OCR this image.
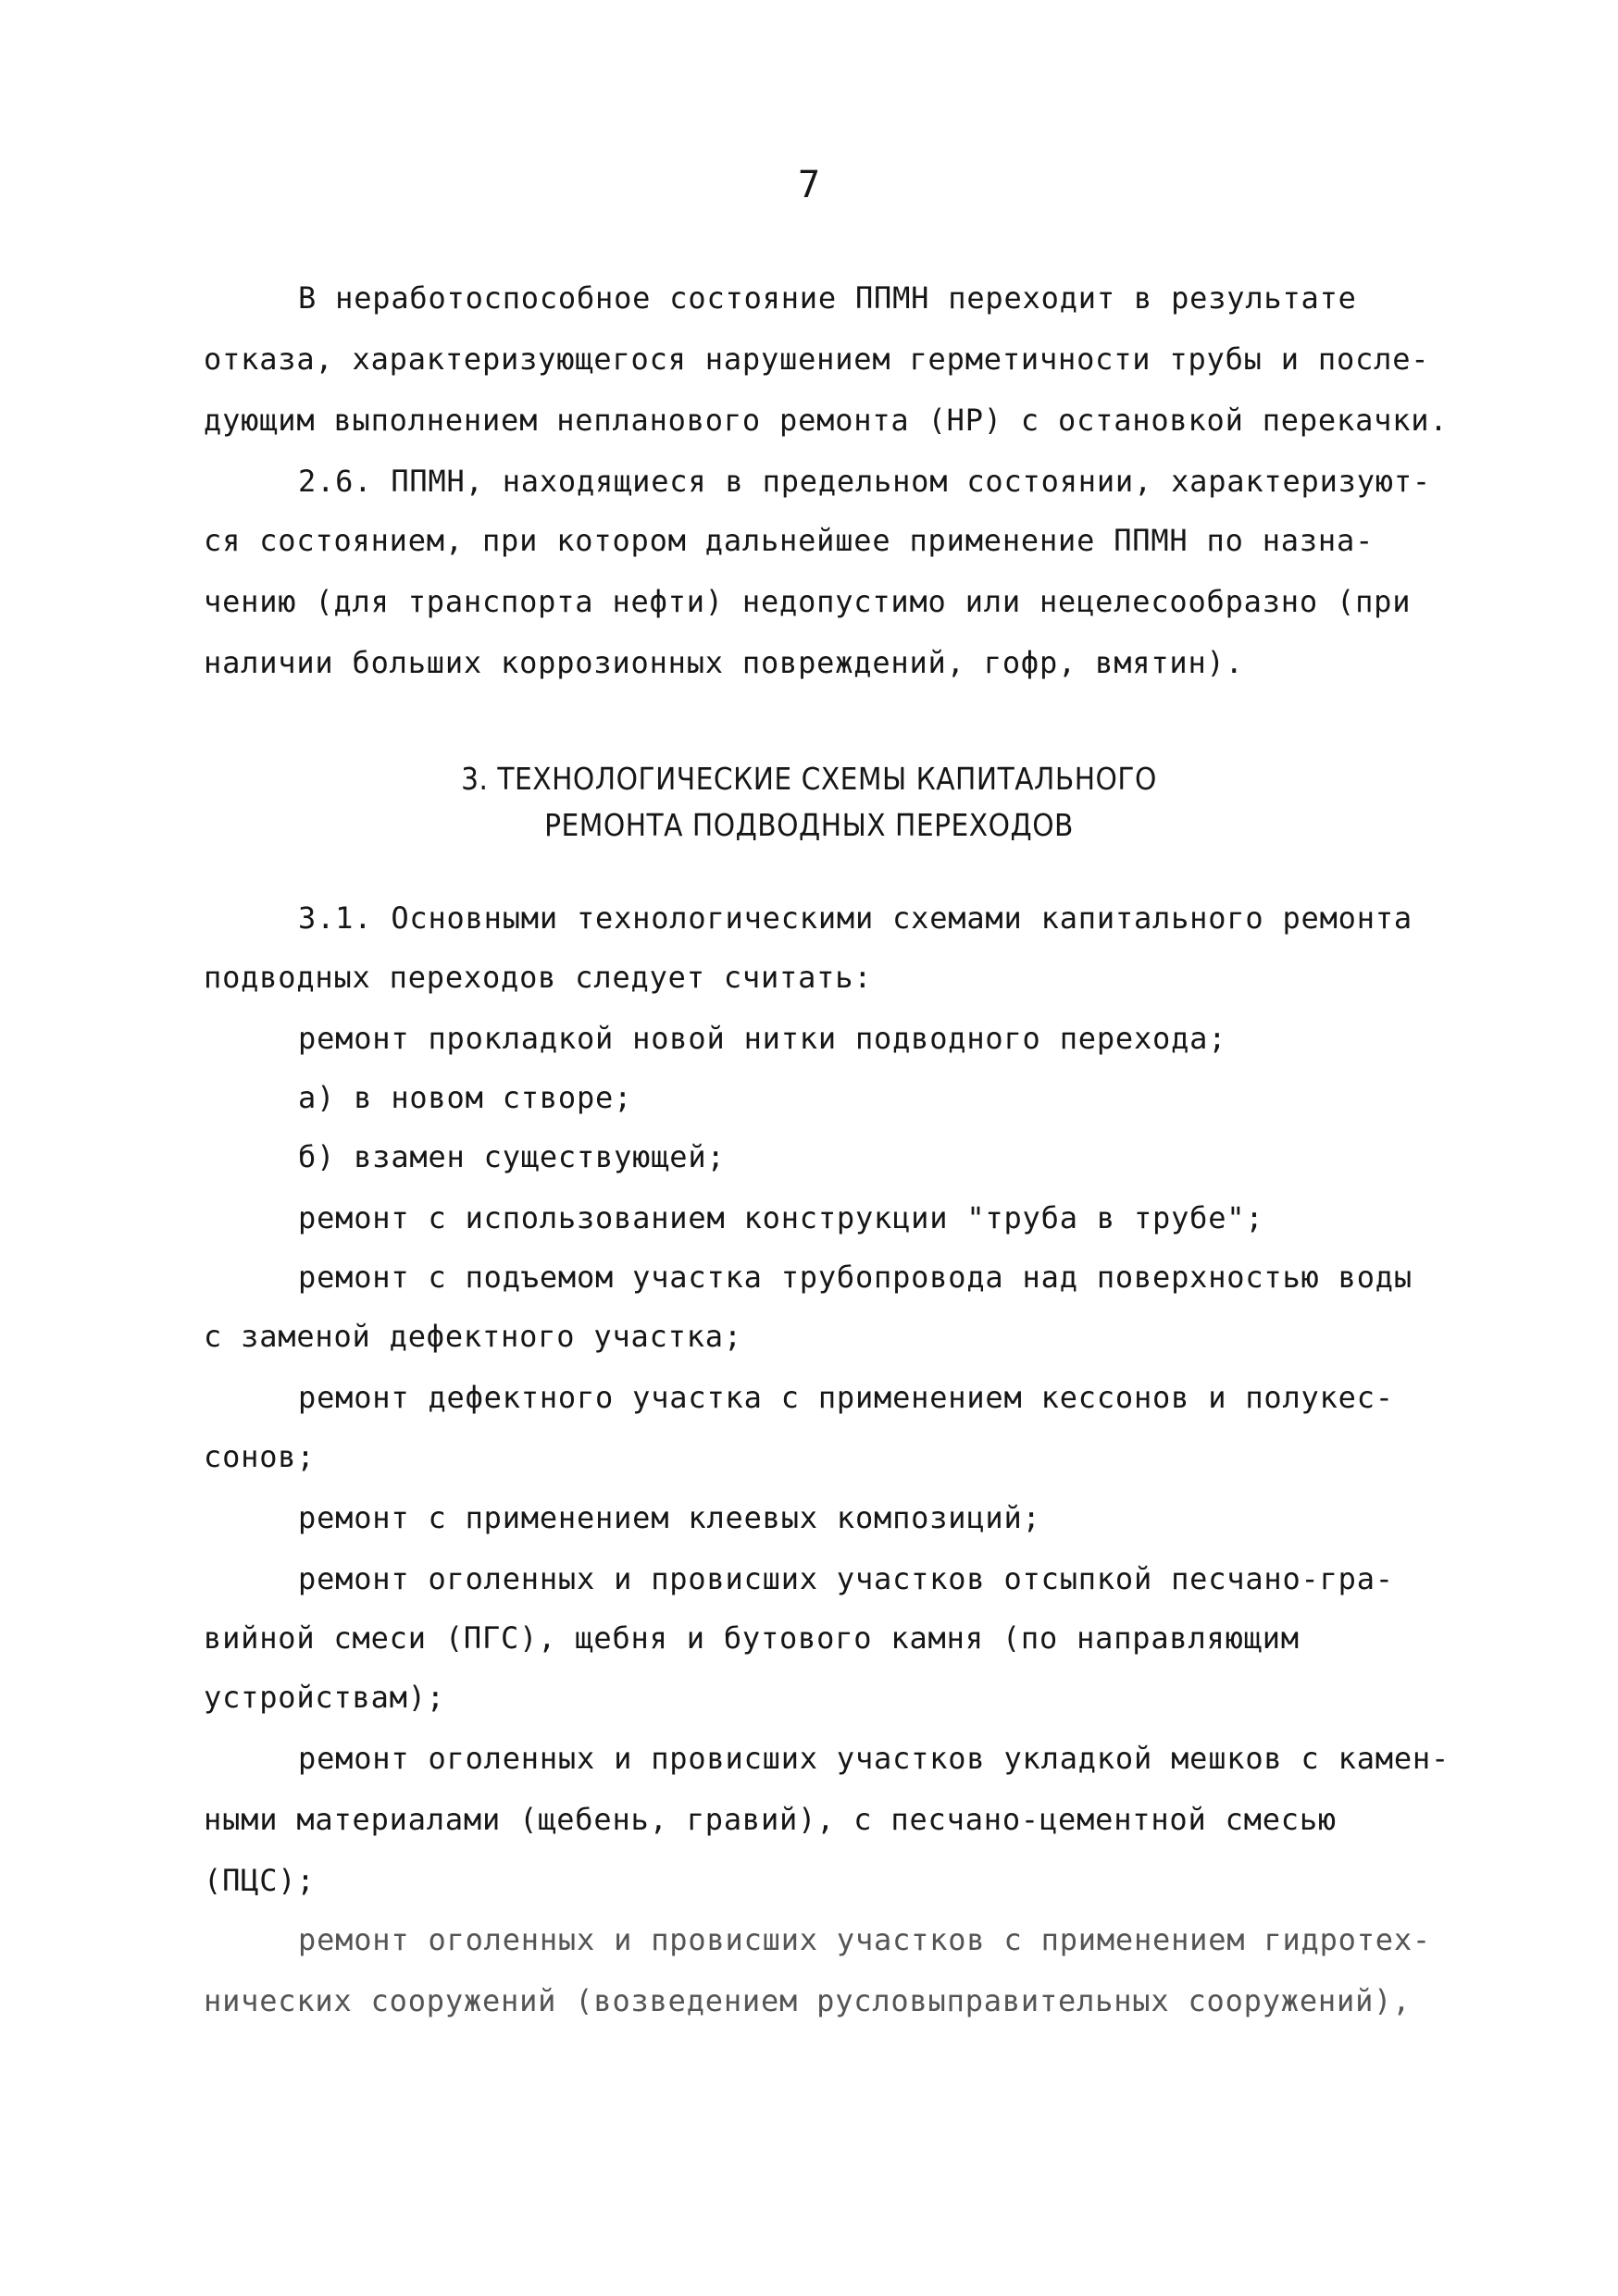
7
В неработоспособное состояние ППМН переходит в результате
отказа, характеризующегося нарушением герметичности трубы и после-
дующим выполнением непланового ремонта (НР) с остановкой перекачки.
2.6. ППМН, находящиеся в предельном состоянии, характеризуют-
ся состоянием, при котором дальнейшее применение ППМН по назна-
чению (для транспорта нефти) недопустимо или нецелесообразно (при
наличии больших коррозионных повреждений, гофр, вмятин).
3. ТЕХНОЛОГИЧЕСКИЕ СХЕМЫ КАПИТАЛЬНОГО
РЕМОНТА ПОДВОДНЫХ ПЕРЕХОДОВ
3.1. Основными технологическими схемами капитального ремонта
подводных переходов следует считать:
ремонт прокладкой новой нитки подводного перехода;
а) в новом створе;
б) взамен существующей;
ремонт с использованием конструкции "труба в трубе";
ремонт с подъемом участка трубопровода над поверхностью воды
с заменой дефектного участка;
ремонт дефектного участка с применением кессонов и полукес-
сонов;
ремонт с применением клеевых композиций;
ремонт оголенных и провисших участков отсыпкой песчано-гра-
вийной смеси (ПГС), щебня и бутового камня (по направляющим
устройствам);
ремонт оголенных и провисших участков укладкой мешков с камен-
ными материалами (щебень, гравий), с песчано-цементной смесью
(ПЦС);
ремонт оголенных и провисших участков с применением гидротех-
нических сооружений (возведением русловыправительных сооружений),
